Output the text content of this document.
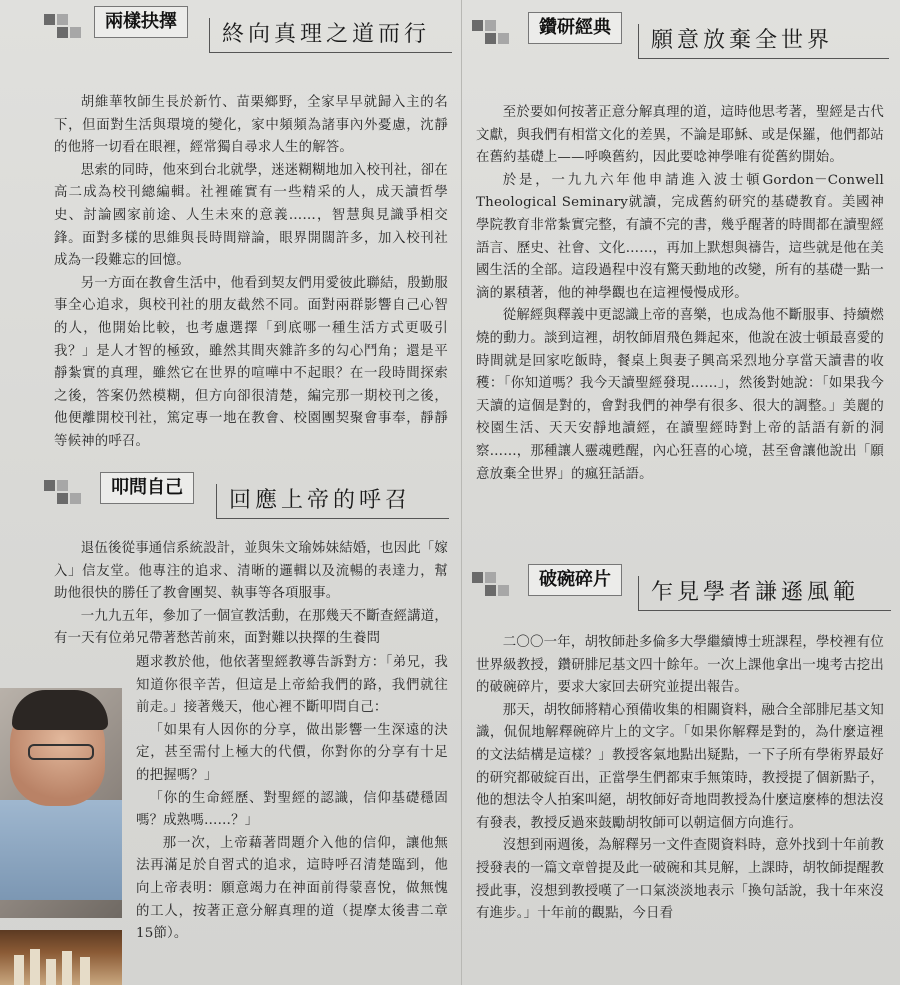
兩樣抉擇
終向真理之道而行

胡維華牧師生長於新竹、苗栗鄉野，全家早早就歸入主的名下，但面對生活與環境的變化，家中頻頻為諸事內外憂慮，沈靜的他將一切看在眼裡，經常獨自尋求人生的解答。

思索的同時，他來到台北就學，迷迷糊糊地加入校刊社，卻在高二成為校刊總編輯。社裡確實有一些精采的人，成天讀哲學史、討論國家前途、人生未來的意義……，智慧與見識爭相交鋒。面對多樣的思維與長時間辯論，眼界開闊許多，加入校刊社成為一段難忘的回憶。

另一方面在教會生活中，他看到契友們用愛彼此聯結，殷勤服事全心追求，與校刊社的朋友截然不同。面對兩群影響自己心智的人，他開始比較，也考慮選擇「到底哪一種生活方式更吸引我？」是人才智的極致，雖然其間夾雜許多的勾心鬥角；還是平靜紮實的真理，雖然它在世界的喧嘩中不起眼？在一段時間探索之後，答案仍然模糊，但方向卻很清楚，編完那一期校刊之後，他便離開校刊社，篤定專一地在教會、校園團契聚會事奉，靜靜等候神的呼召。

叩問自己
回應上帝的呼召

退伍後從事通信系統設計，並與朱文瑜姊妹結婚，也因此「嫁入」信友堂。他專注的追求、清晰的邏輯以及流暢的表達力，幫助他很快的勝任了教會團契、執事等各項服事。

一九九五年，參加了一個宣教活動，在那幾天不斷查經講道，有一天有位弟兄帶著愁苦前來，面對難以抉擇的生養問

題求教於他，他依著聖經教導告訴對方：「弟兄，我知道你很辛苦，但這是上帝給我們的路，我們就往前走。」接著幾天，他心裡不斷叩問自己：

「如果有人因你的分享，做出影響一生深遠的決定，甚至需付上極大的代價，你對你的分享有十足的把握嗎？」

「你的生命經歷、對聖經的認識，信仰基礎穩固嗎？成熟嗎……？」

那一次，上帝藉著問題介入他的信仰，讓他無法再滿足於自習式的追求，這時呼召清楚臨到，他向上帝表明：願意竭力在神面前得蒙喜悅，做無愧的工人，按著正意分解真理的道（提摩太後書二章15節）。

鑽研經典
願意放棄全世界

至於要如何按著正意分解真理的道，這時他思考著，聖經是古代文獻，與我們有相當文化的差異，不論是耶穌、或是保羅，他們都站在舊約基礎上——呼喚舊約，因此要唸神學唯有從舊約開始。

於是，一九九六年他申請進入波士頓Gordon－Conwell Theological Seminary就讀，完成舊約研究的基礎教育。美國神學院教育非常紮實完整，有讀不完的書，幾乎醒著的時間都在讀聖經語言、歷史、社會、文化……，再加上默想與禱告，這些就是他在美國生活的全部。這段過程中沒有驚天動地的改變，所有的基礎一點一滴的累積著，他的神學觀也在這裡慢慢成形。

從解經與釋義中更認識上帝的喜樂，也成為他不斷服事、持續燃燒的動力。談到這裡，胡牧師眉飛色舞起來，他說在波士頓最喜愛的時間就是回家吃飯時，餐桌上與妻子興高采烈地分享當天讀書的收穫：「你知道嗎？我今天讀聖經發現……」，然後對她說：「如果我今天讀的這個是對的，會對我們的神學有很多、很大的調整。」美麗的校園生活、天天安靜地讀經，在讀聖經時對上帝的話語有新的洞察……，那種讓人靈魂甦醒，內心狂喜的心境，甚至會讓他說出「願意放棄全世界」的瘋狂話語。

破碗碎片
乍見學者謙遜風範

二〇〇一年，胡牧師赴多倫多大學繼續博士班課程，學校裡有位世界級教授，鑽研腓尼基文四十餘年。一次上課他拿出一塊考古挖出的破碗碎片，要求大家回去研究並提出報告。

那天，胡牧師將精心預備收集的相關資料，融合全部腓尼基文知識，侃侃地解釋碗碎片上的文字。「如果你解釋是對的，為什麼這裡的文法結構是這樣？」教授客氣地點出疑點，一下子所有學術界最好的研究都破綻百出，正當學生們都束手無策時，教授提了個新點子，他的想法令人拍案叫絕，胡牧師好奇地問教授為什麼這麼棒的想法沒有發表，教授反過來鼓勵胡牧師可以朝這個方向進行。

沒想到兩週後，為解釋另一文件查閱資料時，意外找到十年前教授發表的一篇文章曾提及此一破碗和其見解，上課時，胡牧師提醒教授此事，沒想到教授嘆了一口氣淡淡地表示「換句話說，我十年來沒有進步。」十年前的觀點，今日看
